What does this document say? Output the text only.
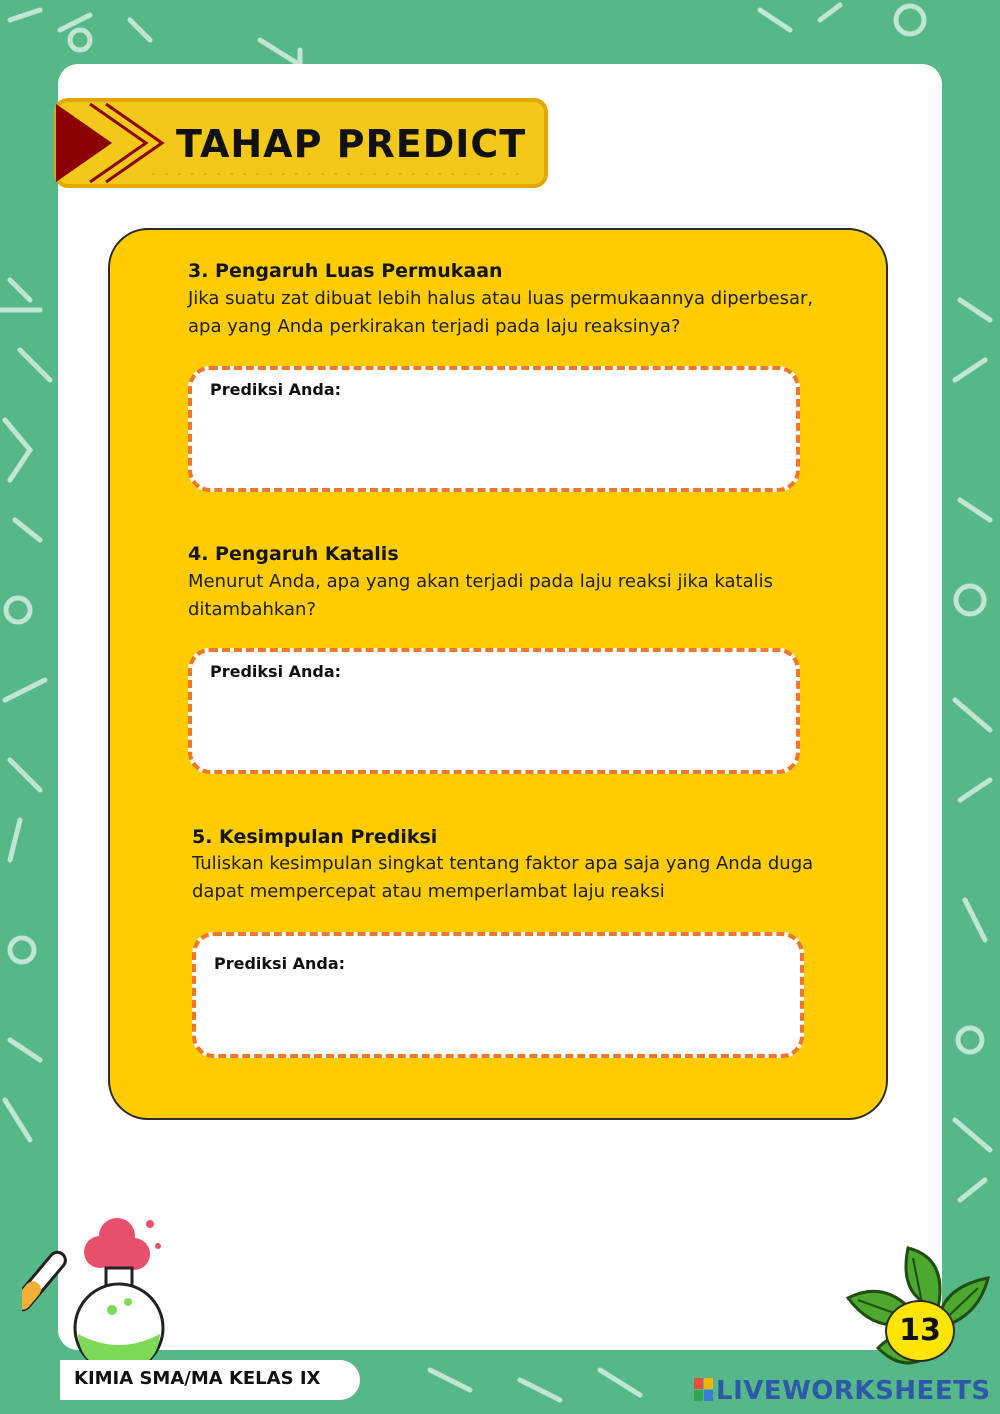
TAHAP PREDICT
3. Pengaruh Luas Permukaan
Jika suatu zat dibuat lebih halus atau luas permukaannya diperbesar,
apa yang Anda perkirakan terjadi pada laju reaksinya?
Prediksi Anda:
4. Pengaruh Katalis
Menurut Anda, apa yang akan terjadi pada laju reaksi jika katalis
ditambahkan?
Prediksi Anda:
5. Kesimpulan Prediksi
Tuliskan kesimpulan singkat tentang faktor apa saja yang Anda duga
dapat mempercepat atau memperlambat laju reaksi
Prediksi Anda:
KIMIA SMA/MA KELAS IX
13
LIVEWORKSHEETS
